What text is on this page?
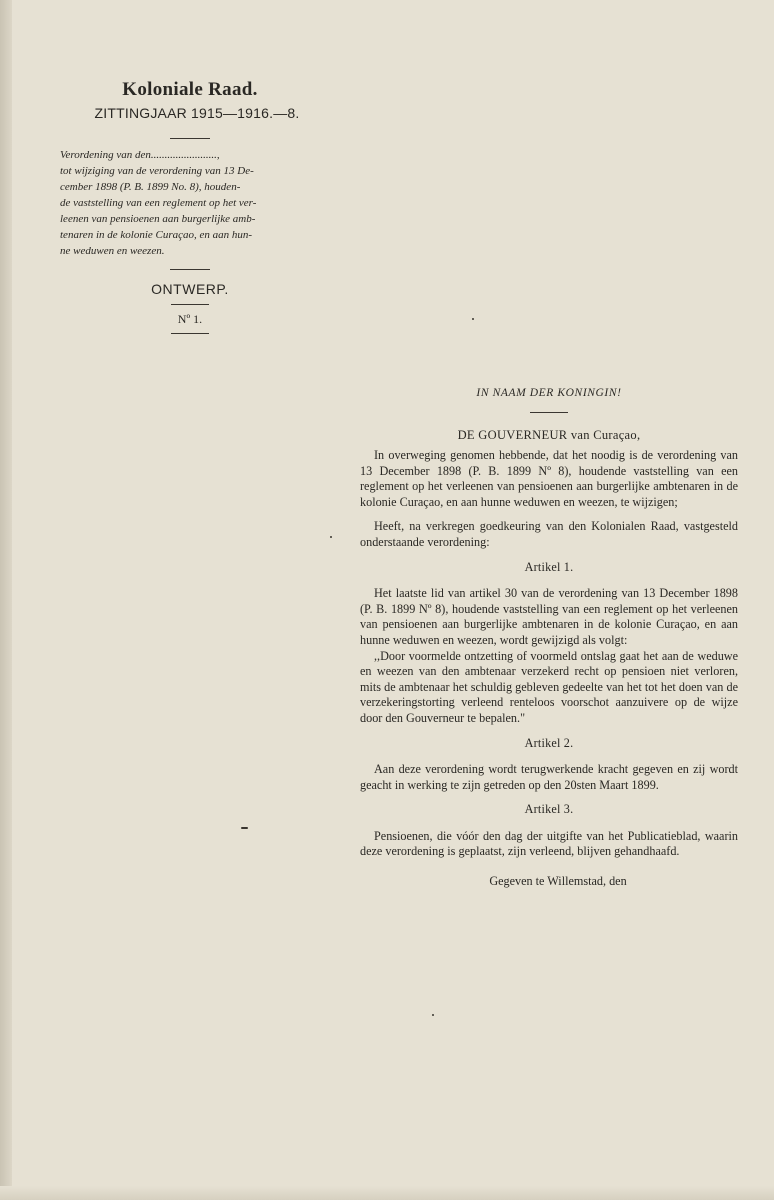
Koloniale Raad.
ZITTINGJAAR 1915—1916.—8.

Verordening van den........................,

tot wijziging van de verordening van 13 De-

cember 1898 (P. B. 1899 No. 8), houden-

de vaststelling van een reglement op het ver-

leenen van pensioenen aan burgerlijke amb-

tenaren in de kolonie Curaçao, en aan hun-

ne weduwen en weezen.

ONTWERP.
Nº 1.
IN NAAM DER KONINGIN!
DE GOUVERNEUR van Curaçao,

In overweging genomen hebbende, dat het noodig is de verordening van 13 December 1898 (P. B. 1899 Nº 8), houdende vaststelling van een reglement op het verleenen van pensioenen aan burgerlijke ambtenaren in de kolonie Curaçao, en aan hunne weduwen en weezen, te wijzigen;

Heeft, na verkregen goedkeuring van den Kolonialen Raad, vastgesteld onderstaande verordening:

Artikel 1.

Het laatste lid van artikel 30 van de verordening van 13 December 1898 (P. B. 1899 Nº 8), houdende vaststelling van een reglement op het verleenen van pensioenen aan burgerlijke ambtenaren in de kolonie Curaçao, en aan hunne weduwen en weezen, wordt gewijzigd als volgt:

,,Door voormelde ontzetting of voormeld ontslag gaat het aan de weduwe en weezen van den ambtenaar verzekerd recht op pensioen niet verloren, mits de ambtenaar het schuldig gebleven gedeelte van het tot het doen van de verzekeringstorting verleend renteloos voorschot aanzuivere op de wijze door den Gouverneur te bepalen."

Artikel 2.

Aan deze verordening wordt terugwerkende kracht gegeven en zij wordt geacht in werking te zijn getreden op den 20sten Maart 1899.

Artikel 3.

Pensioenen, die vóór den dag der uitgifte van het Publicatieblad, waarin deze verordening is geplaatst, zijn verleend, blijven gehandhaafd.

Gegeven te Willemstad, den
